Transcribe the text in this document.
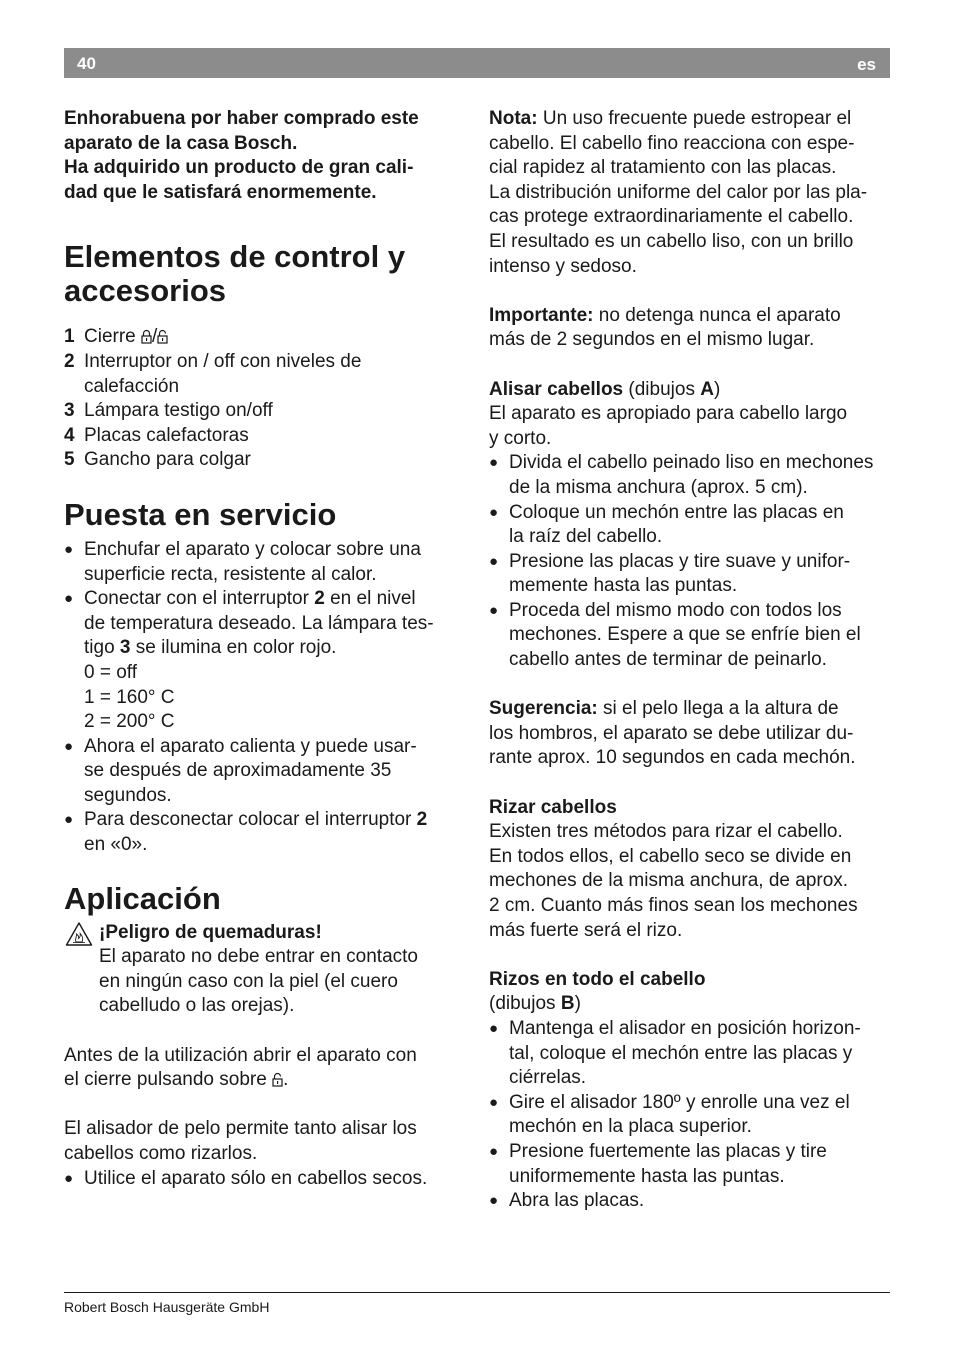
40	es

Enhorabuena por haber comprado este

aparato de la casa Bosch.

Ha adquirido un producto de gran cali-

dad que le satisfará enormemente.

Elementos de control y
accesorios
1 Cierre /
2 Interruptor on / off con niveles de
calefacción
3 Lámpara testigo on/off
4 Placas calefactoras
5 Gancho para colgar
Puesta en servicio
● Enchufar el aparato y colocar sobre una
superficie recta, resistente al calor.
● Conectar con el interruptor 2 en el nivel
de temperatura deseado. La lámpara tes-
tigo 3 se ilumina en color rojo.
0 = off
1 = 160° C
2 = 200° C
● Ahora el aparato calienta y puede usar-
se después de aproximadamente 35
segundos.
● Para desconectar colocar el interruptor 2
en «0».
Aplicación

¡Peligro de quemaduras!

El aparato no debe entrar en contacto

en ningún caso con la piel (el cuero

cabelludo o las orejas).

Antes de la utilización abrir el aparato con

el cierre pulsando sobre .

El alisador de pelo permite tanto alisar los

cabellos como rizarlos.

● Utilice el aparato sólo en cabellos secos.

Nota: Un uso frecuente puede estropear el

cabello. El cabello fino reacciona con espe-

cial rapidez al tratamiento con las placas.

La distribución uniforme del calor por las pla-

cas protege extraordinariamente el cabello.

El resultado es un cabello liso, con un brillo

intenso y sedoso.

Importante: no detenga nunca el aparato

más de 2 segundos en el mismo lugar.

Alisar cabellos (dibujos A)

El aparato es apropiado para cabello largo

y corto.

● Divida el cabello peinado liso en mechones
de la misma anchura (aprox. 5 cm).
● Coloque un mechón entre las placas en
la raíz del cabello.
● Presione las placas y tire suave y unifor-
memente hasta las puntas.
● Proceda del mismo modo con todos los
mechones. Espere a que se enfríe bien el
cabello antes de terminar de peinarlo.

Sugerencia: si el pelo llega a la altura de

los hombros, el aparato se debe utilizar du-

rante aprox. 10 segundos en cada mechón.

Rizar cabellos

Existen tres métodos para rizar el cabello.

En todos ellos, el cabello seco se divide en

mechones de la misma anchura, de aprox.

2 cm. Cuanto más finos sean los mechones

más fuerte será el rizo.

Rizos en todo el cabello

(dibujos B)

● Mantenga el alisador en posición horizon-
tal, coloque el mechón entre las placas y
ciérrelas.
● Gire el alisador 180º y enrolle una vez el
mechón en la placa superior.
● Presione fuertemente las placas y tire
uniformemente hasta las puntas.
● Abra las placas.
Robert Bosch Hausgeräte GmbH
